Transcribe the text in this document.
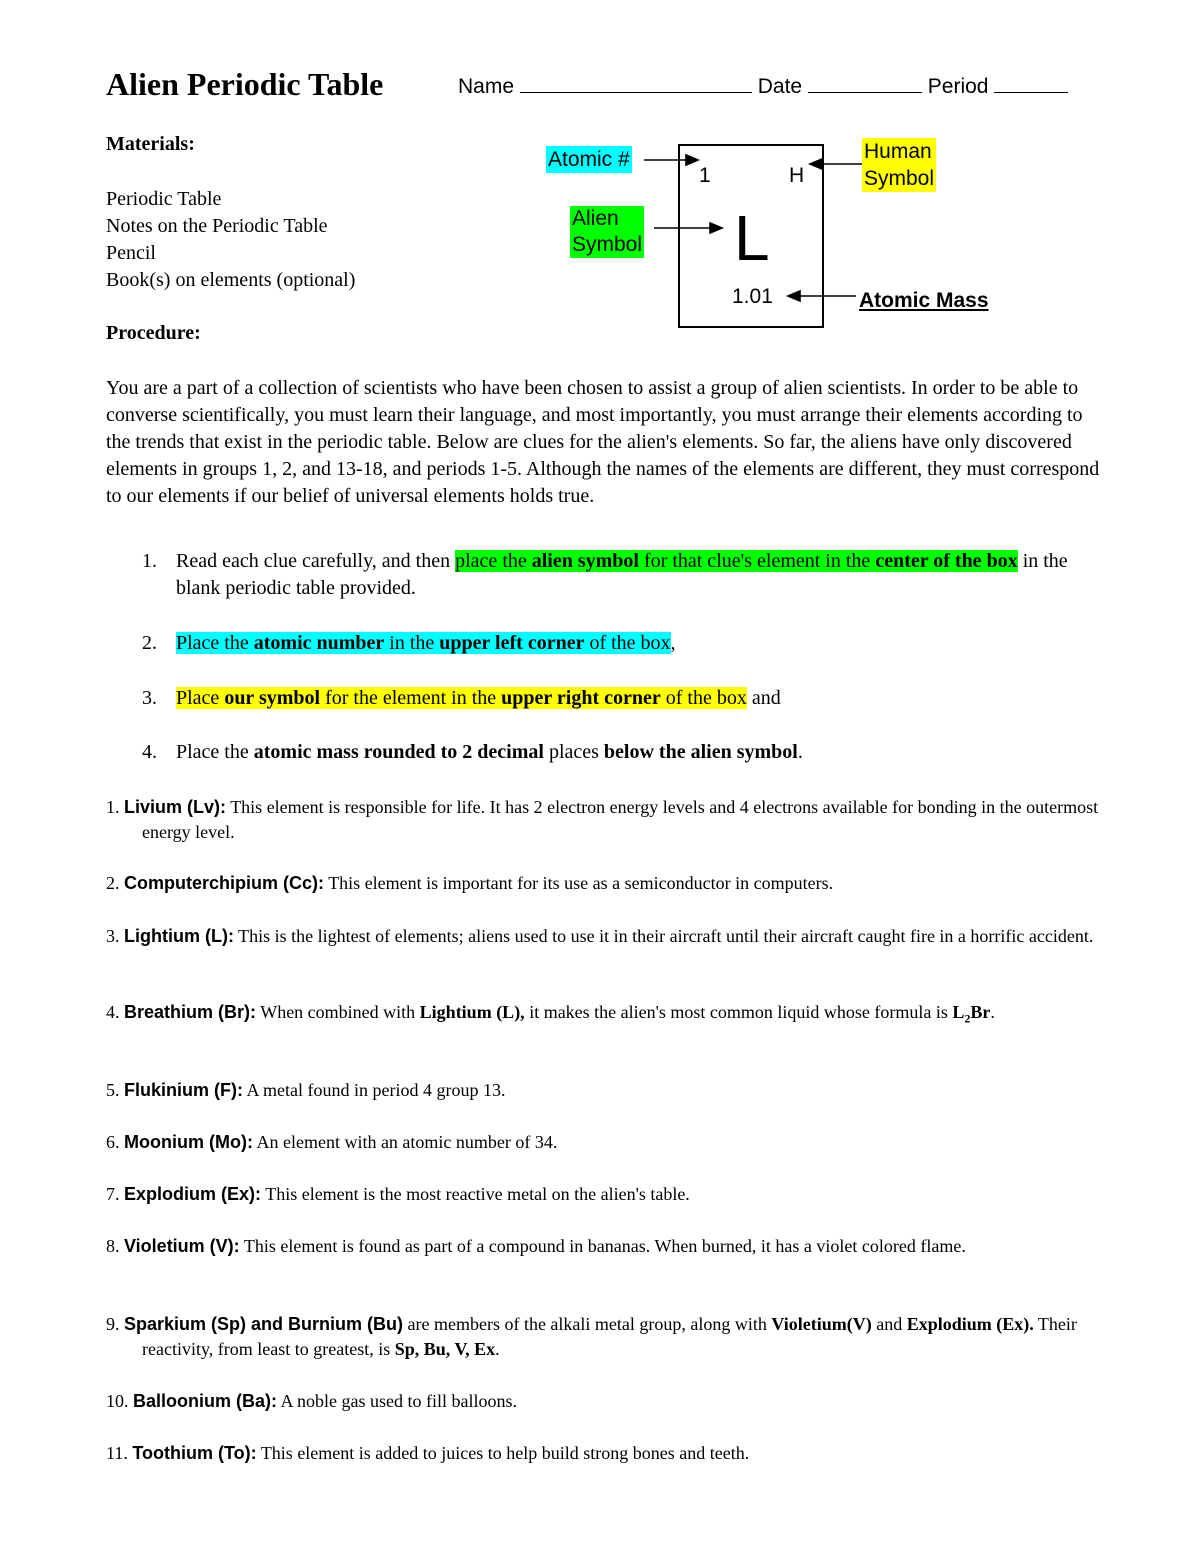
Alien Periodic Table	Name	Date	Period
Materials:
Periodic Table
Notes on the Periodic Table
Pencil
Book(s) on elements (optional)
Atomic #
Alien
Symbol
Human
Symbol
Atomic Mass
1	H
L
1.01
Procedure:

You are a part of a collection of scientists who have been chosen to assist a group of alien scientists. In order to be able to converse scientifically, you must learn their language, and most importantly, you must arrange their elements according to the trends that exist in the periodic table. Below are clues for the alien's elements. So far, the aliens have only discovered elements in groups 1, 2, and 13-18, and periods 1-5. Although the names of the elements are different, they must correspond to our elements if our belief of universal elements holds true.

1. Read each clue carefully, and then place the alien symbol for that clue's element in the center of the box in the blank periodic table provided.
2. Place the atomic number in the upper left corner of the box,
3. Place our symbol for the element in the upper right corner of the box and
4. Place the atomic mass rounded to 2 decimal places below the alien symbol.
1. Livium (Lv): This element is responsible for life. It has 2 electron energy levels and 4 electrons available for bonding in the outermost energy level.
2. Computerchipium (Cc): This element is important for its use as a semiconductor in computers.
3. Lightium (L): This is the lightest of elements; aliens used to use it in their aircraft until their aircraft caught fire in a horrific accident.
4. Breathium (Br): When combined with Lightium (L), it makes the alien's most common liquid whose formula is $L_2Br$.
5. Flukinium (F): A metal found in period 4 group 13.
6. Moonium (Mo): An element with an atomic number of 34.
7. Explodium (Ex): This element is the most reactive metal on the alien's table.
8. Violetium (V): This element is found as part of a compound in bananas. When burned, it has a violet colored flame.
9. Sparkium (Sp) and Burnium (Bu) are members of the alkali metal group, along with Violetium(V) and Explodium (Ex). Their reactivity, from least to greatest, is Sp, Bu, V, Ex.
10. Balloonium (Ba): A noble gas used to fill balloons.
11. Toothium (To): This element is added to juices to help build strong bones and teeth.
